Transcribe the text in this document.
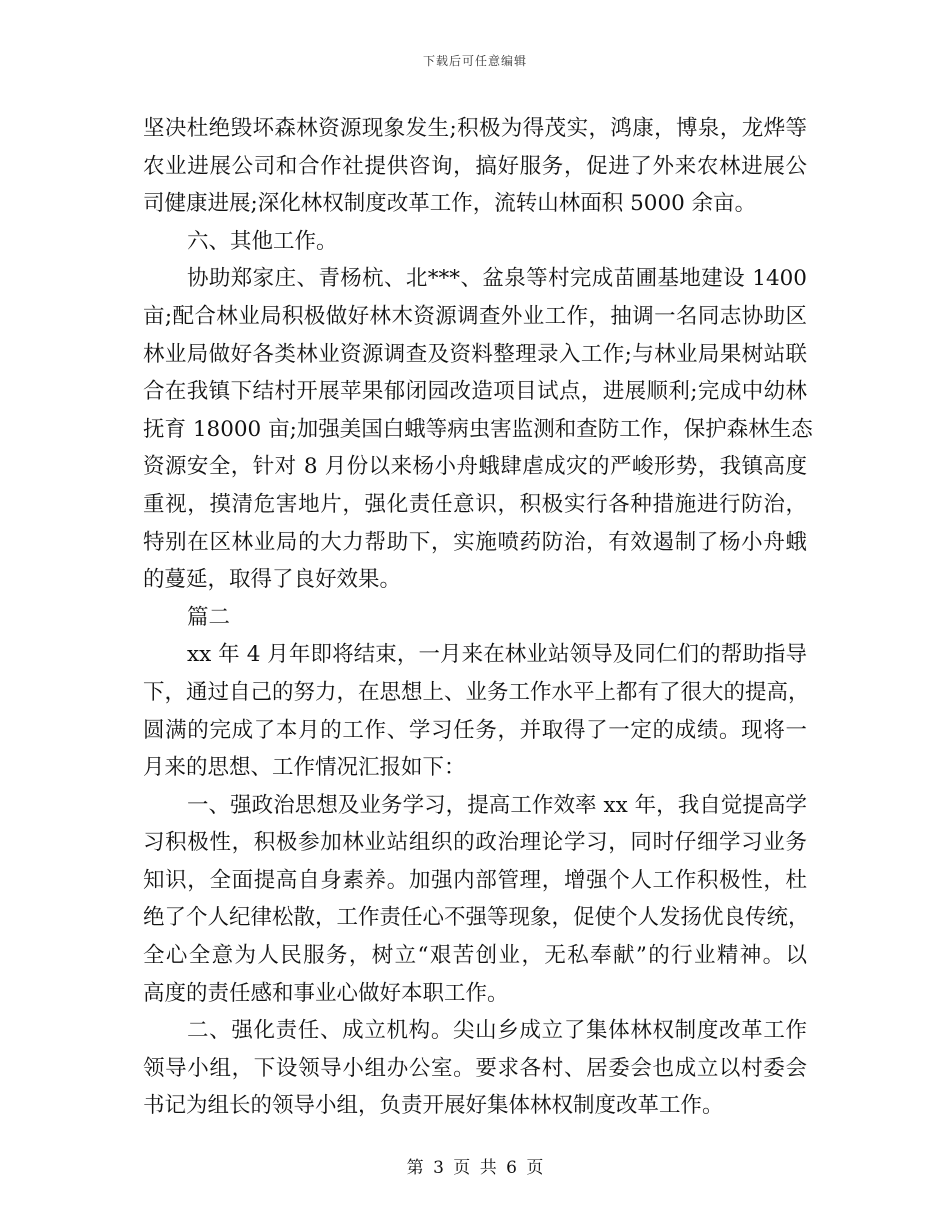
下载后可任意编辑
坚决杜绝毁坏森林资源现象发生;积极为得茂实，鸿康，博泉，龙烨等
农业进展公司和合作社提供咨询，搞好服务，促进了外来农林进展公
司健康进展;深化林权制度改革工作，流转山林面积 5000 余亩。
六、其他工作。
协助郑家庄、青杨杭、北***、盆泉等村完成苗圃基地建设 1400
亩;配合林业局积极做好林木资源调查外业工作，抽调一名同志协助区
林业局做好各类林业资源调查及资料整理录入工作;与林业局果树站联
合在我镇下结村开展苹果郁闭园改造项目试点，进展顺利;完成中幼林
抚育 18000 亩;加强美国白蛾等病虫害监测和查防工作，保护森林生态
资源安全，针对 8 月份以来杨小舟蛾肆虐成灾的严峻形势，我镇高度
重视，摸清危害地片，强化责任意识，积极实行各种措施进行防治，
特别在区林业局的大力帮助下，实施喷药防治，有效遏制了杨小舟蛾
的蔓延，取得了良好效果。
篇二
xx 年 4 月年即将结束，一月来在林业站领导及同仁们的帮助指导
下，通过自己的努力，在思想上、业务工作水平上都有了很大的提高，
圆满的完成了本月的工作、学习任务，并取得了一定的成绩。现将一
月来的思想、工作情况汇报如下：
一、强政治思想及业务学习，提高工作效率 xx 年，我自觉提高学
习积极性，积极参加林业站组织的政治理论学习，同时仔细学习业务
知识，全面提高自身素养。加强内部管理，增强个人工作积极性，杜
绝了个人纪律松散，工作责任心不强等现象，促使个人发扬优良传统，
全心全意为人民服务，树立“艰苦创业，无私奉献”的行业精神。以
高度的责任感和事业心做好本职工作。
二、强化责任、成立机构。尖山乡成立了集体林权制度改革工作
领导小组，下设领导小组办公室。要求各村、居委会也成立以村委会
书记为组长的领导小组，负责开展好集体林权制度改革工作。
第 3 页 共 6 页
